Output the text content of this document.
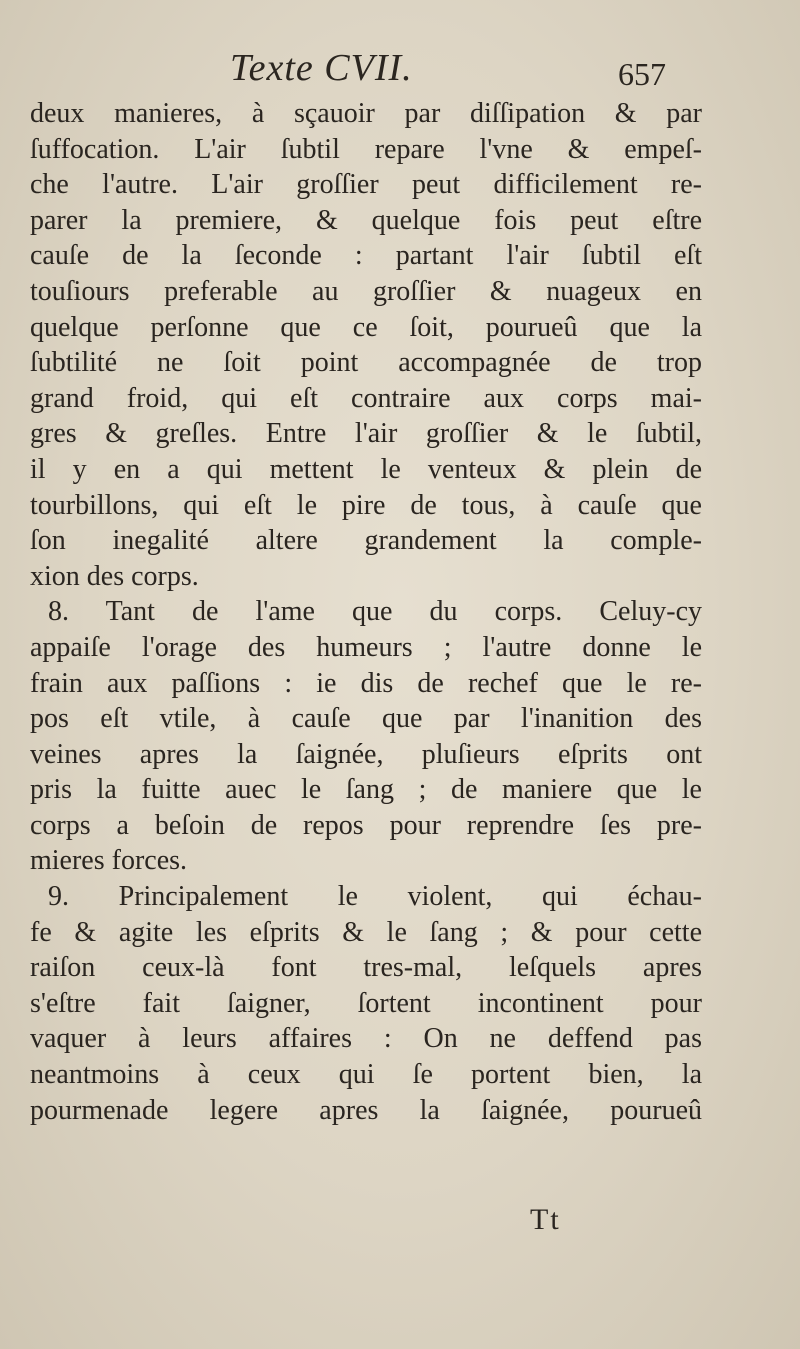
Texte CVII.	657
deux manieres, à sçauoir par diſſipation & par
ſuffocation. L'air ſubtil repare l'vne & empeſ-
che l'autre. L'air groſſier peut difficilement re-
parer la premiere, & quelque fois peut eſtre
cauſe de la ſeconde : partant l'air ſubtil eſt
touſiours preferable au groſſier & nuageux en
quelque perſonne que ce ſoit, pourueû que la
ſubtilité ne ſoit point accompagnée de trop
grand froid, qui eſt contraire aux corps mai-
gres & greſles. Entre l'air groſſier & le ſubtil,
il y en a qui mettent le venteux & plein de
tourbillons, qui eſt le pire de tous, à cauſe que
ſon inegalité altere grandement la comple-
xion des corps.
8. Tant de l'ame que du corps. Celuy-cy
appaiſe l'orage des humeurs ; l'autre donne le
frain aux paſſions : ie dis de rechef que le re-
pos eſt vtile, à cauſe que par l'inanition des
veines apres la ſaignée, pluſieurs eſprits ont
pris la fuitte auec le ſang ; de maniere que le
corps a beſoin de repos pour reprendre ſes pre-
mieres forces.
9. Principalement le violent, qui échau-
fe & agite les eſprits & le ſang ; & pour cette
raiſon ceux-là font tres-mal, leſquels apres
s'eſtre fait ſaigner, ſortent incontinent pour
vaquer à leurs affaires : On ne deffend pas
neantmoins à ceux qui ſe portent bien, la
pourmenade legere apres la ſaignée, pourueû
Tt
